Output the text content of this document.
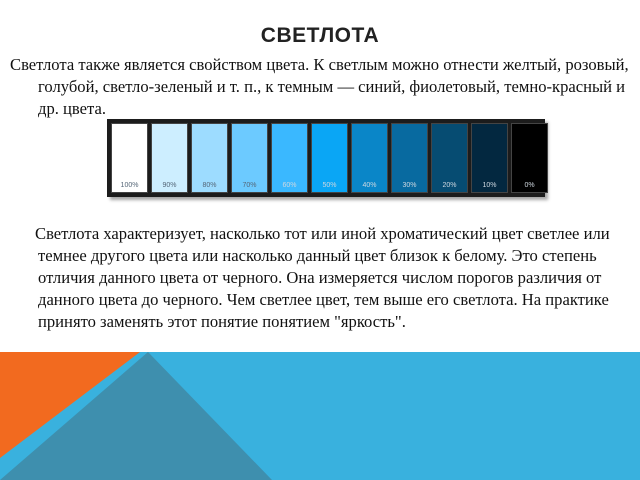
СВЕТЛОТА

Светлота также является свойством цвета. К светлым можно отнести желтый, розовый, голубой, светло-зеленый и т. п., к темным — синий, фиолетовый, темно-красный и др. цвета.

100%	90%	80%	70%	60%	50%	40%	30%	20%	10%	0%

Светлота характеризует, насколько тот или иной хроматический цвет светлее или темнее другого цвета или насколько данный цвет близок к белому. Это степень отличия данного цвета от черного. Она измеряется числом порогов различия от данного цвета до черного. Чем светлее цвет, тем выше его светлота. На практике принято заменять этот понятие понятием "яркость".
